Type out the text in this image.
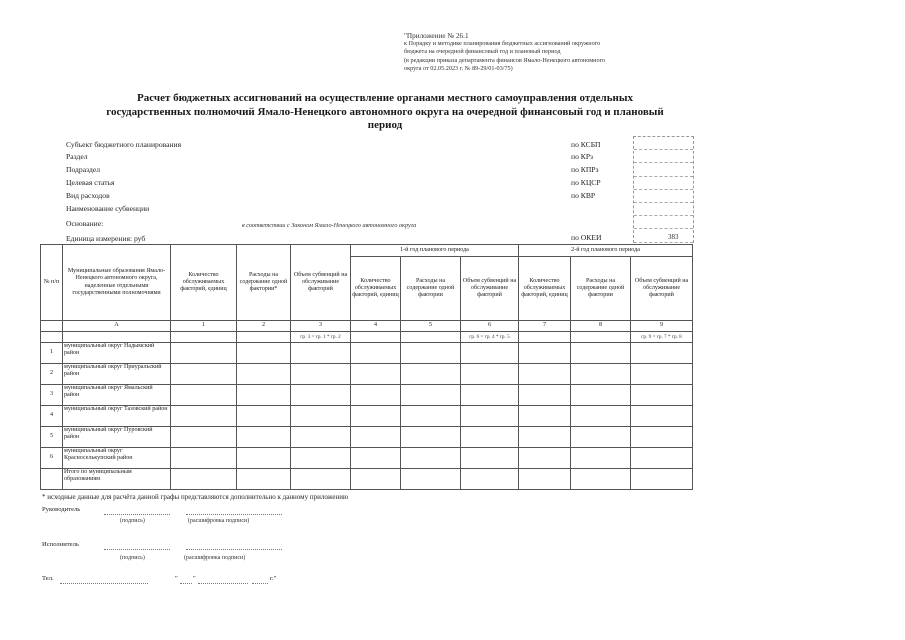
"Приложение № 26.1
к Порядку и методике планирования бюджетных ассигнований окружного
бюджета на очередной финансовый год и плановый период
(в редакции приказа департамента финансов Ямало-Ненецкого автономного
округа от 02.05.2023 г. № 89-29/01-03/75)
Расчет бюджетных ассигнований на осуществление органами местного самоуправления отдельных
государственных полномочий Ямало-Ненецкого автономного округа на очередной финансовый год и плановый
период
Субъект бюджетного планирования
Раздел
Подраздел
Целевая статья
Вид расходов
Наименование субвенции
Основание:	в соответствии с Законом Ямало-Ненецкого автономного округа
Единица измерения: руб
по КСБП
по КРз
по КПРз
по КЦСР
по КВР
по ОКЕИ	383
№ п/п	Муниципальные образования Ямало-Ненецкого автономного округа, наделенные отдельными государственными полномочиями	Количество обслуживаемых факторий, единиц	Расходы на содержание одной фактории*	Объем субвенций на обслуживание факторий	1-й год планового периода			2-й год планового периода		
					Количество обслуживаемых факторий, единиц	Расходы на содержание одной фактории	Объем субвенций на обслуживание факторий	Количество обслуживаемых факторий, единиц	Расходы на содержание одной фактории	Объем субвенций на обслуживание факторий
	А	1	2	3	4	5	6	7	8	9
				гр. 3 = гр. 1 * гр. 2			гр. 6 = гр. 4 * гр. 5			гр. 9 = гр. 7 * гр. 8
1	муниципальный округ Надымский район									
2	муниципальный округ Приуральский район									
3	муниципальный округ Ямальский район									
4	муниципальный округ Тазовский район									
5	муниципальный округ Пуровский район									
6	муниципальный округ Красноселькупский район									
	Итого по муниципальным образованиям									
* исходные данные для расчёта данной графы представляются дополнительно к данному приложению
Руководитель
(подпись)	(расшифровка подписи)
Исполнитель
(подпись)	(расшифровка подписи)
Тел.	" "	г."
